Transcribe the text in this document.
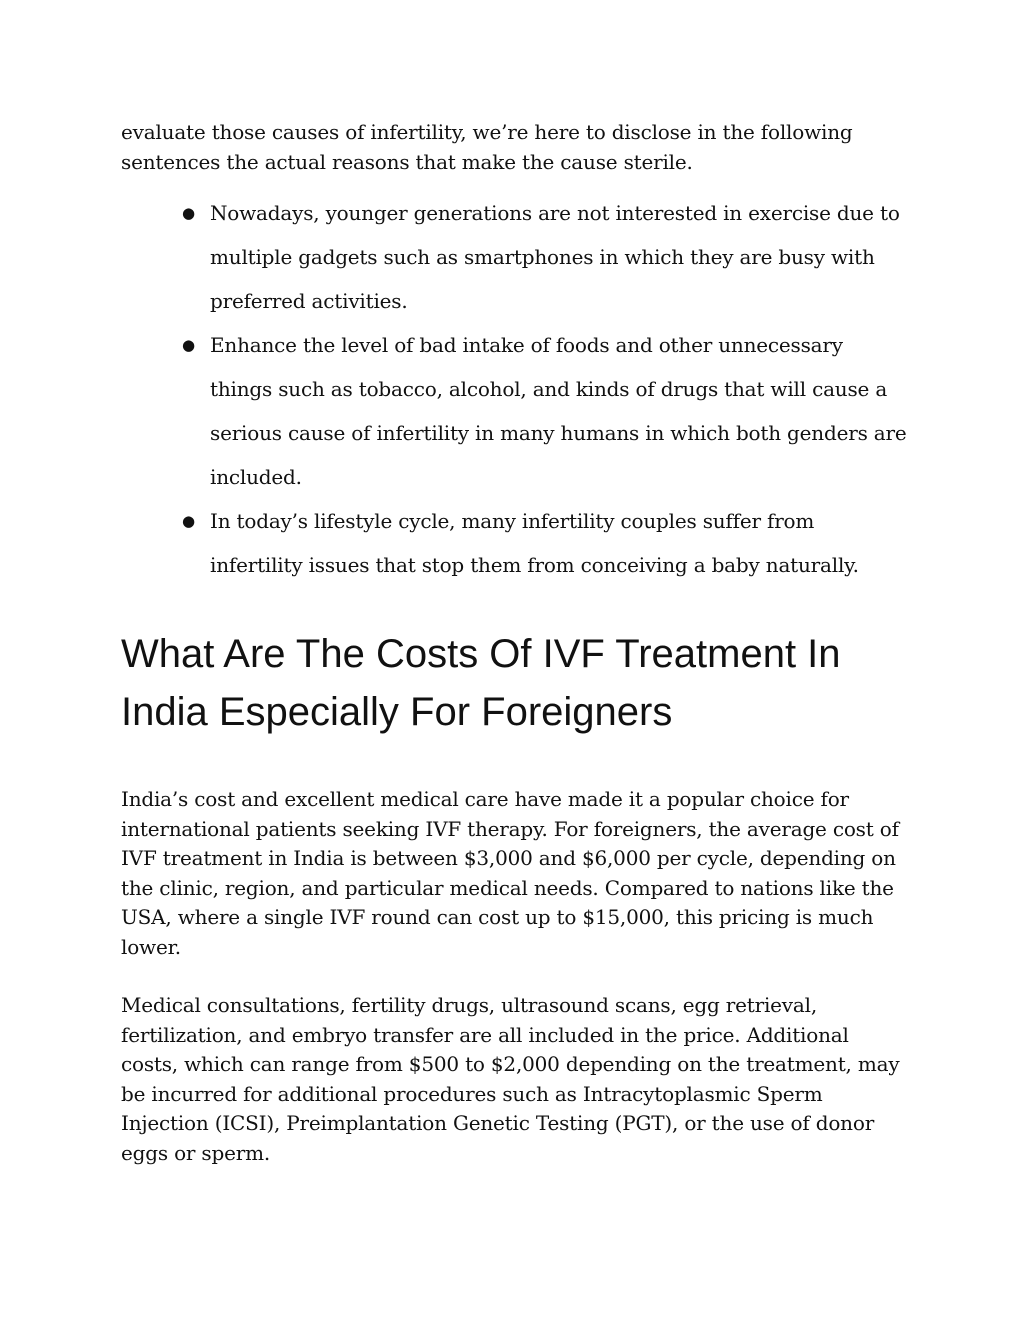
evaluate those causes of infertility, we’re here to disclose in the following sentences the actual reasons that make the cause sterile.

● Nowadays, younger generations are not interested in exercise due to multiple gadgets such as smartphones in which they are busy with preferred activities.
● Enhance the level of bad intake of foods and other unnecessary things such as tobacco, alcohol, and kinds of drugs that will cause a serious cause of infertility in many humans in which both genders are included.
● In today’s lifestyle cycle, many infertility couples suffer from infertility issues that stop them from conceiving a baby naturally.
What Are The Costs Of IVF Treatment In India Especially For Foreigners

India’s cost and excellent medical care have made it a popular choice for international patients seeking IVF therapy. For foreigners, the average cost of IVF treatment in India is between $3,000 and $6,000 per cycle, depending on the clinic, region, and particular medical needs. Compared to nations like the USA, where a single IVF round can cost up to $15,000, this pricing is much lower.

Medical consultations, fertility drugs, ultrasound scans, egg retrieval, fertilization, and embryo transfer are all included in the price. Additional costs, which can range from $500 to $2,000 depending on the treatment, may be incurred for additional procedures such as Intracytoplasmic Sperm Injection (ICSI), Preimplantation Genetic Testing (PGT), or the use of donor eggs or sperm.
